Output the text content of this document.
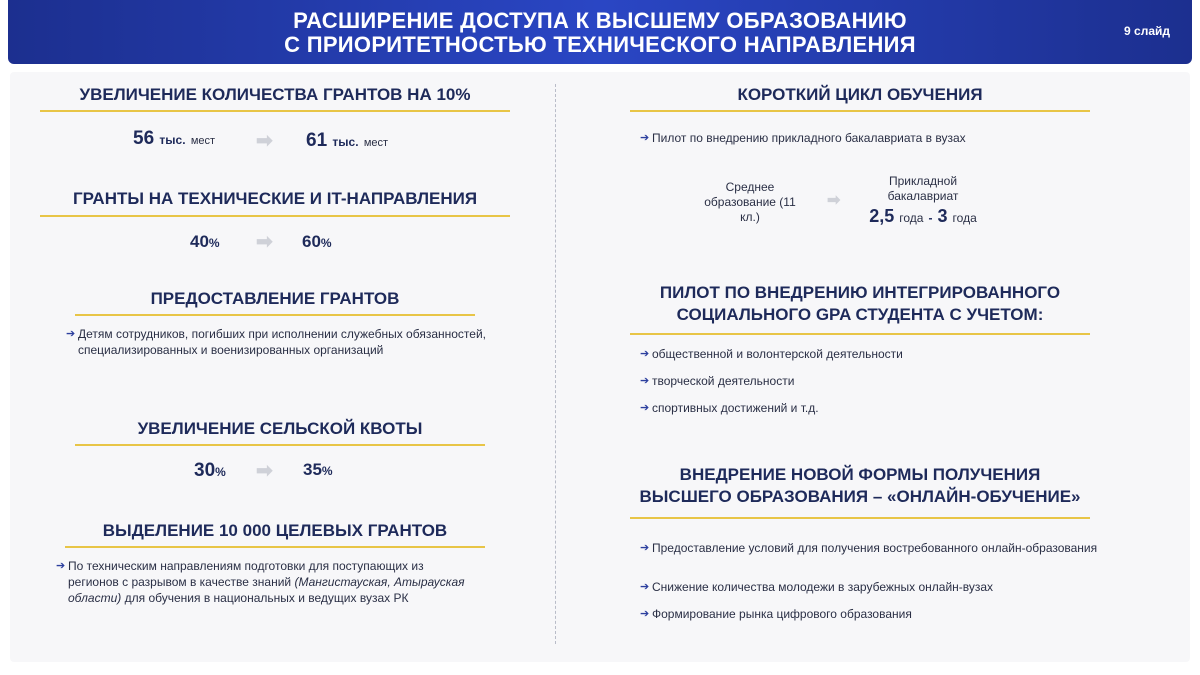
РАСШИРЕНИЕ ДОСТУПА К ВЫСШЕМУ ОБРАЗОВАНИЮ
С ПРИОРИТЕТНОСТЬЮ ТЕХНИЧЕСКОГО НАПРАВЛЕНИЯ
9 слайд
УВЕЛИЧЕНИЕ КОЛИЧЕСТВА ГРАНТОВ НА 10%
56 тыс. мест ➡ 61 тыс. мест
ГРАНТЫ НА ТЕХНИЧЕСКИЕ И IT-НАПРАВЛЕНИЯ
40% ➡ 60%
ПРЕДОСТАВЛЕНИЕ ГРАНТОВ
➔ Детям сотрудников, погибших при исполнении служебных обязанностей, специализированных и военизированных организаций
УВЕЛИЧЕНИЕ СЕЛЬСКОЙ КВОТЫ
30% ➡ 35%
ВЫДЕЛЕНИЕ 10 000 ЦЕЛЕВЫХ ГРАНТОВ
➔ По техническим направлениям подготовки для поступающих из регионов с разрывом в качестве знаний (Мангистауская, Атырауская области) для обучения в национальных и ведущих вузах РК
КОРОТКИЙ ЦИКЛ ОБУЧЕНИЯ
➔ Пилот по внедрению прикладного бакалавриата в вузах
Среднее образование (11 кл.)
➡
Прикладной бакалавриат
2,5 года - 3 года
ПИЛОТ ПО ВНЕДРЕНИЮ ИНТЕГРИРОВАННОГО
СОЦИАЛЬНОГО GPA СТУДЕНТА С УЧЕТОМ:
➔ общественной и волонтерской деятельности
➔ творческой деятельности
➔ спортивных достижений и т.д.
ВНЕДРЕНИЕ НОВОЙ ФОРМЫ ПОЛУЧЕНИЯ
ВЫСШЕГО ОБРАЗОВАНИЯ – «ОНЛАЙН-ОБУЧЕНИЕ»
➔ Предоставление условий для получения востребованного онлайн-образования
➔ Снижение количества молодежи в зарубежных онлайн-вузах
➔ Формирование рынка цифрового образования
